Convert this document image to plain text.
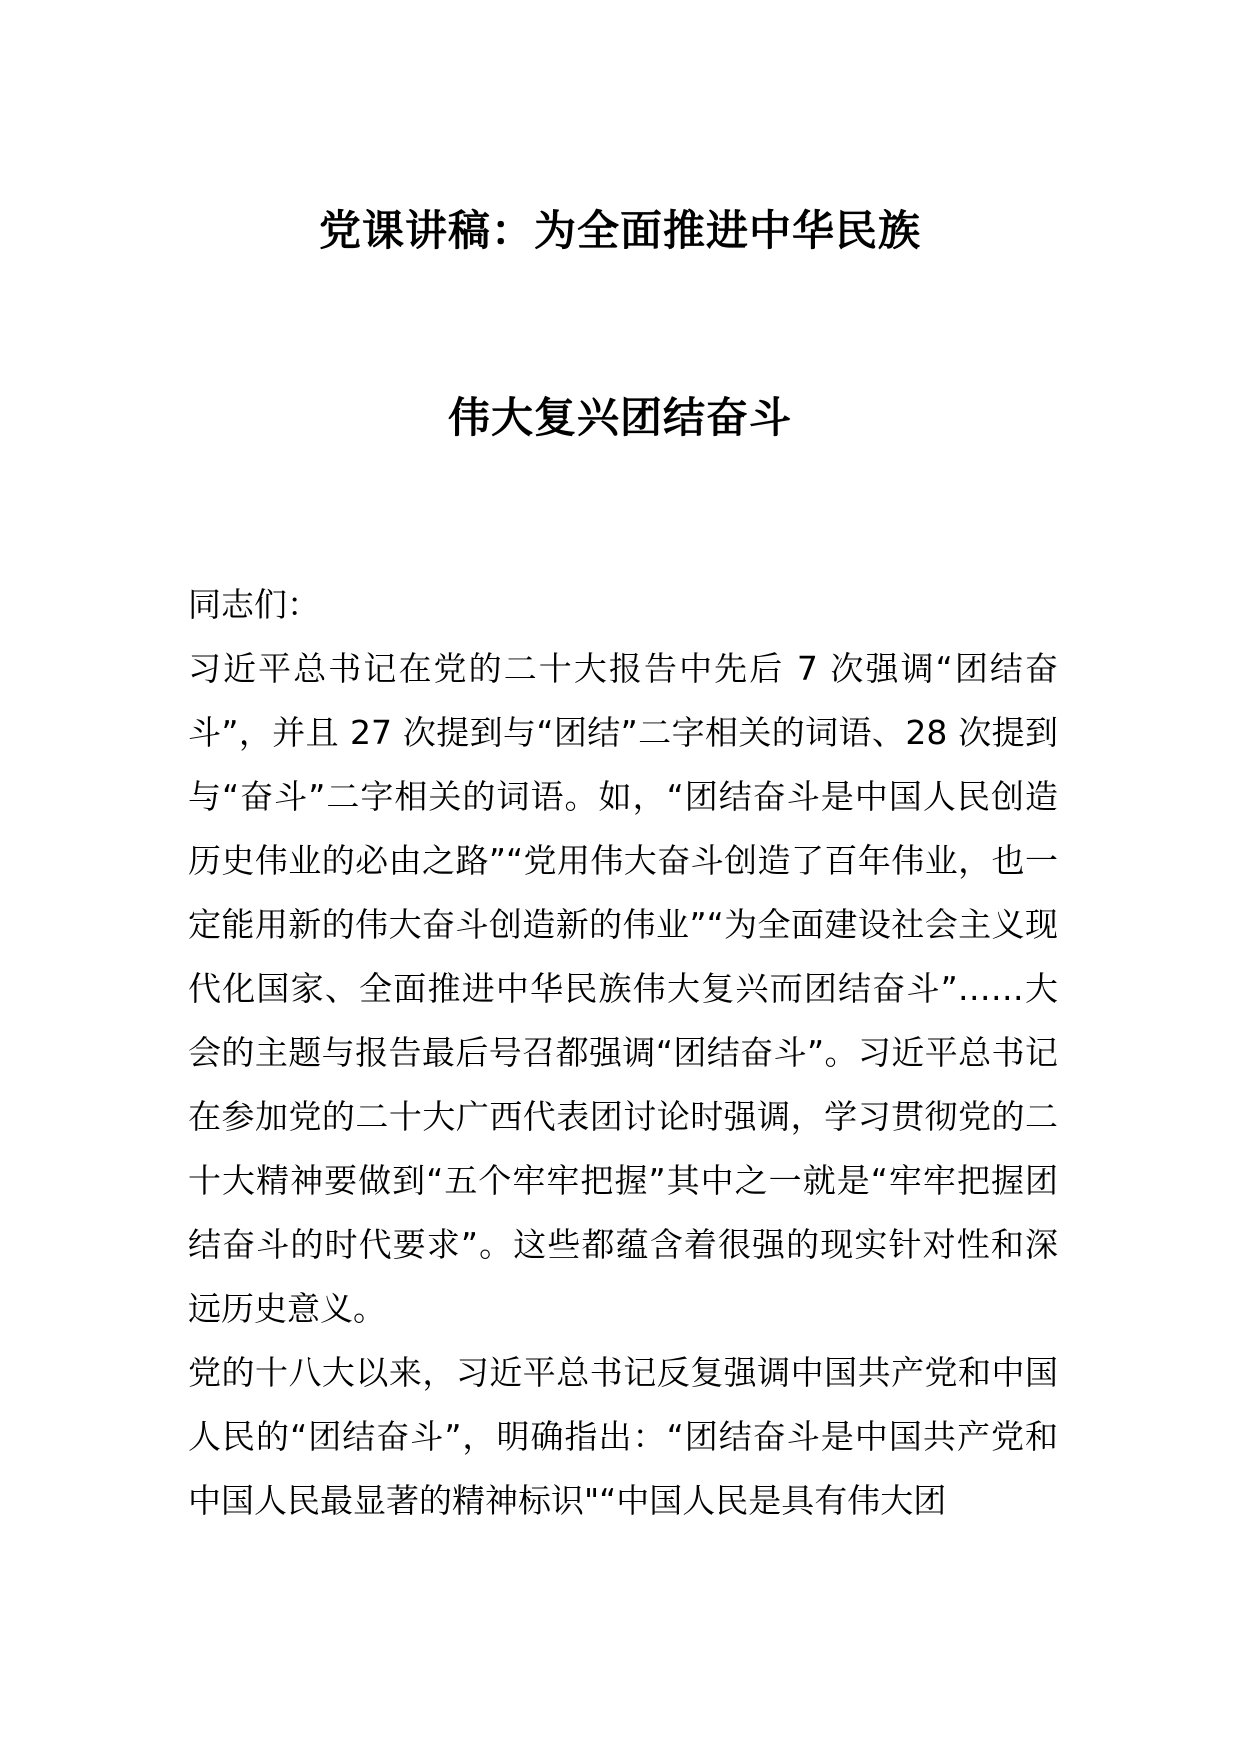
党课讲稿：为全面推进中华民族
伟大复兴团结奋斗
同志们：
习近平总书记在党的二十大报告中先后 7 次强调“团结奋斗”，并且 27 次提到与“团结”二字相关的词语、28 次提到与“奋斗”二字相关的词语。如，“团结奋斗是中国人民创造历史伟业的必由之路”“党用伟大奋斗创造了百年伟业，也一定能用新的伟大奋斗创造新的伟业”“为全面建设社会主义现代化国家、全面推进中华民族伟大复兴而团结奋斗”……大会的主题与报告最后号召都强调“团结奋斗”。习近平总书记在参加党的二十大广西代表团讨论时强调，学习贯彻党的二十大精神要做到“五个牢牢把握”其中之一就是“牢牢把握团结奋斗的时代要求”。这些都蕴含着很强的现实针对性和深远历史意义。
党的十八大以来，习近平总书记反复强调中国共产党和中国人民的“团结奋斗”，明确指出：“团结奋斗是中国共产党和中国人民最显著的精神标识"“中国人民是具有伟大团
